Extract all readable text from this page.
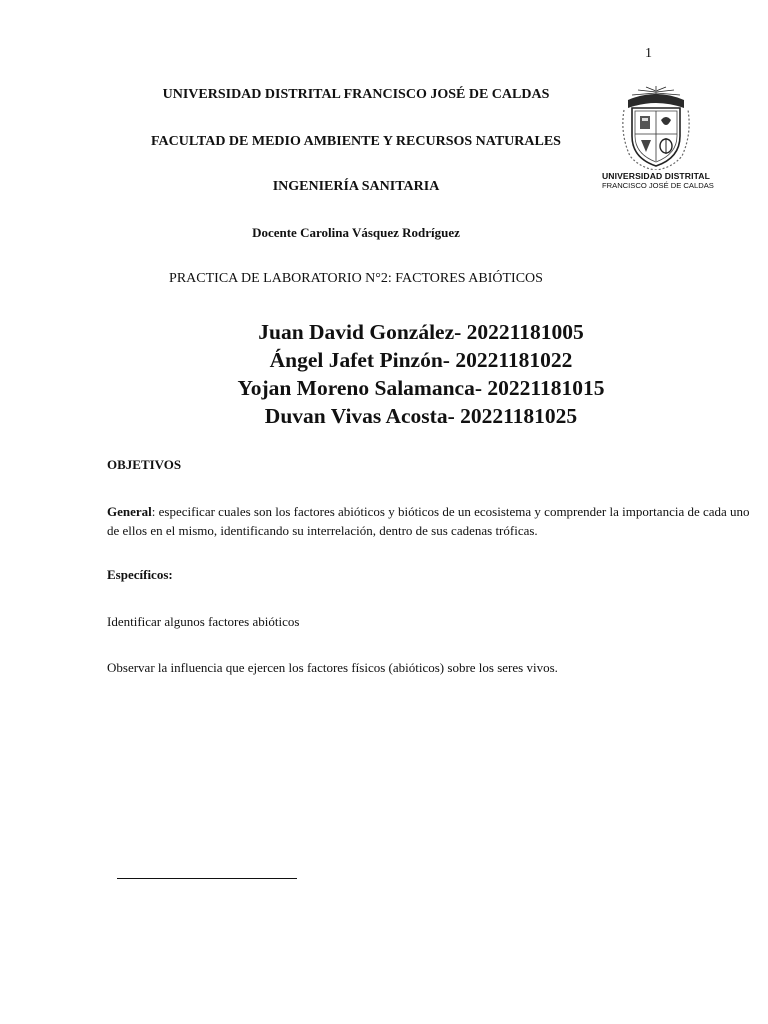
1
UNIVERSIDAD DISTRITAL FRANCISCO JOSÉ DE CALDAS
FACULTAD DE MEDIO AMBIENTE Y RECURSOS NATURALES
INGENIERÍA SANITARIA
Docente Carolina Vásquez Rodríguez
PRACTICA DE LABORATORIO N°2: FACTORES ABIÓTICOS
UNIVERSIDAD DISTRITAL
FRANCISCO JOSÉ DE CALDAS
Juan David González- 20221181005
Ángel Jafet Pinzón- 20221181022
Yojan Moreno Salamanca- 20221181015
Duvan Vivas Acosta- 20221181025
OBJETIVOS
General: especificar cuales son los factores abióticos y bióticos de un ecosistema y comprender la importancia de cada uno de ellos en el mismo, identificando su interrelación, dentro de sus cadenas tróficas.
Específicos:
Identificar algunos factores abióticos
Observar la influencia que ejercen los factores físicos (abióticos) sobre los seres vivos.
